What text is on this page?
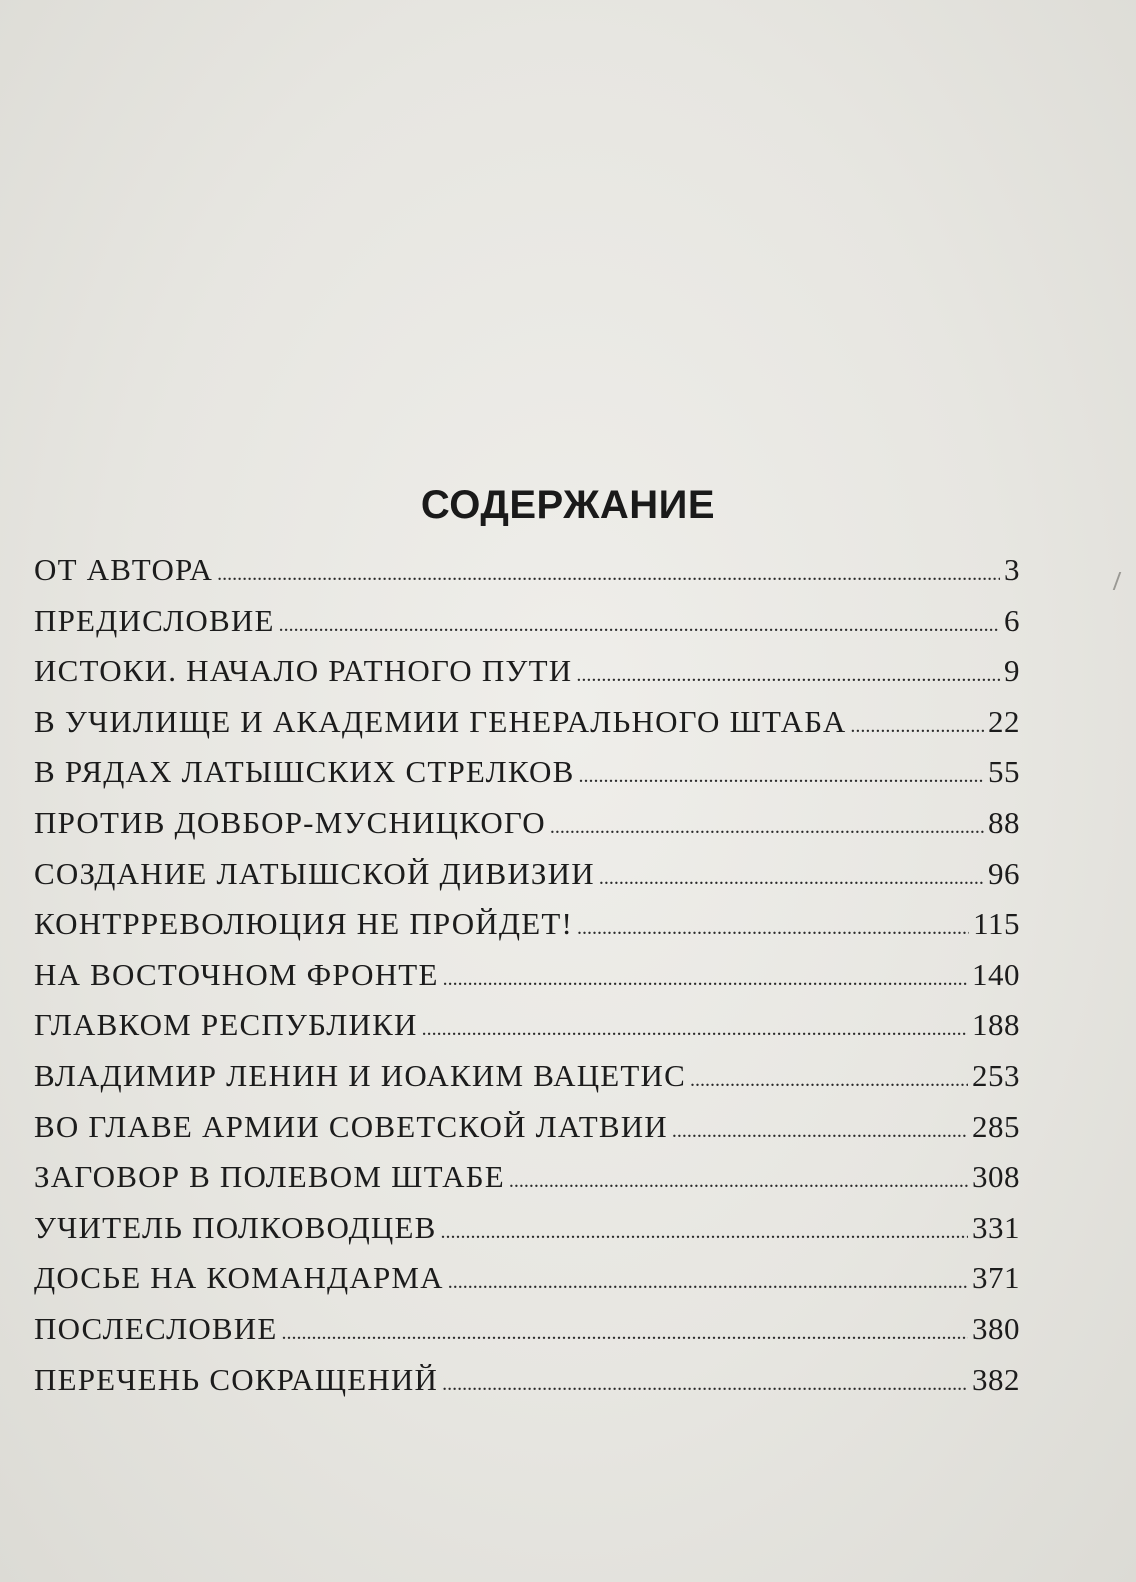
СОДЕРЖАНИЕ
ОТ АВТОРА .....	3
ПРЕДИСЛОВИЕ .....	6
ИСТОКИ. НАЧАЛО РАТНОГО ПУТИ .....	9
В УЧИЛИЩЕ И АКАДЕМИИ ГЕНЕРАЛЬНОГО ШТАБА .....	22
В РЯДАХ ЛАТЫШСКИХ СТРЕЛКОВ .....	55
ПРОТИВ ДОВБОР-МУСНИЦКОГО .....	88
СОЗДАНИЕ ЛАТЫШСКОЙ ДИВИЗИИ .....	96
КОНТРРЕВОЛЮЦИЯ НЕ ПРОЙДЕТ! .....	115
НА ВОСТОЧНОМ ФРОНТЕ .....	140
ГЛАВКОМ РЕСПУБЛИКИ .....	188
ВЛАДИМИР ЛЕНИН И ИОАКИМ ВАЦЕТИС .....	253
ВО ГЛАВЕ АРМИИ СОВЕТСКОЙ ЛАТВИИ .....	285
ЗАГОВОР В ПОЛЕВОМ ШТАБЕ .....	308
УЧИТЕЛЬ ПОЛКОВОДЦЕВ .....	331
ДОСЬЕ НА КОМАНДАРМА .....	371
ПОСЛЕСЛОВИЕ .....	380
ПЕРЕЧЕНЬ СОКРАЩЕНИЙ .....	382
